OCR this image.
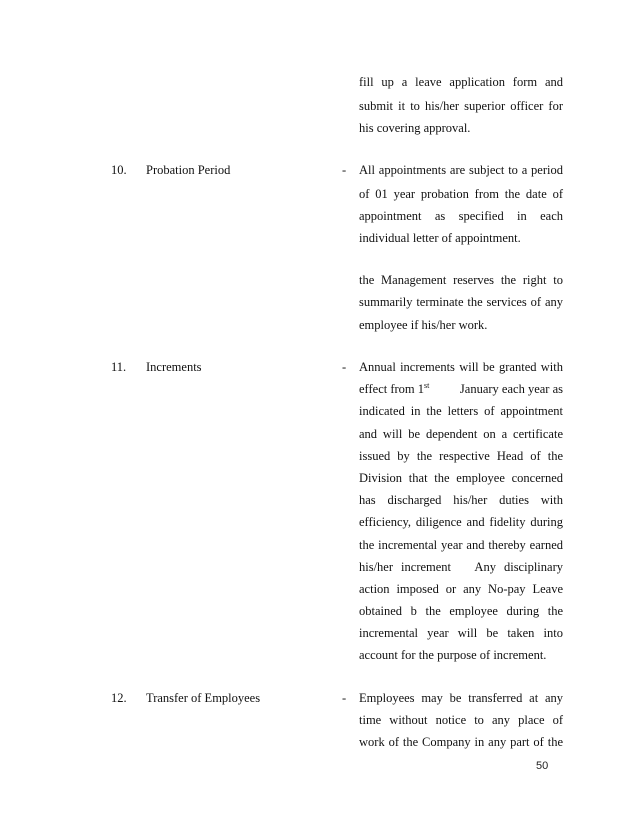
fill up a leave application form and
submit it to his/her superior officer for
his covering approval.
10. Probation Period	- All appointments are subject to a period
of 01 year probation from the date of
appointment as specified in each
individual letter of appointment.
the Management reserves the right to
summarily terminate the services of any
employee if his/her work.
11. Increments	- Annual increments will be granted with
effect from 1st January each year as
indicated in the letters of appointment
and will be dependent on a certificate
issued by the respective Head of the
Division that the employee concerned
has discharged his/her duties with
efficiency, diligence and fidelity during
the incremental year and thereby earned
his/her increment   Any disciplinary
action imposed or any No-pay Leave
obtained b the employee during the
incremental year will be taken into
account for the purpose of increment.
12. Transfer of Employees	- Employees may be transferred at any
time without notice to any place of
work of the Company in any part of the
50
